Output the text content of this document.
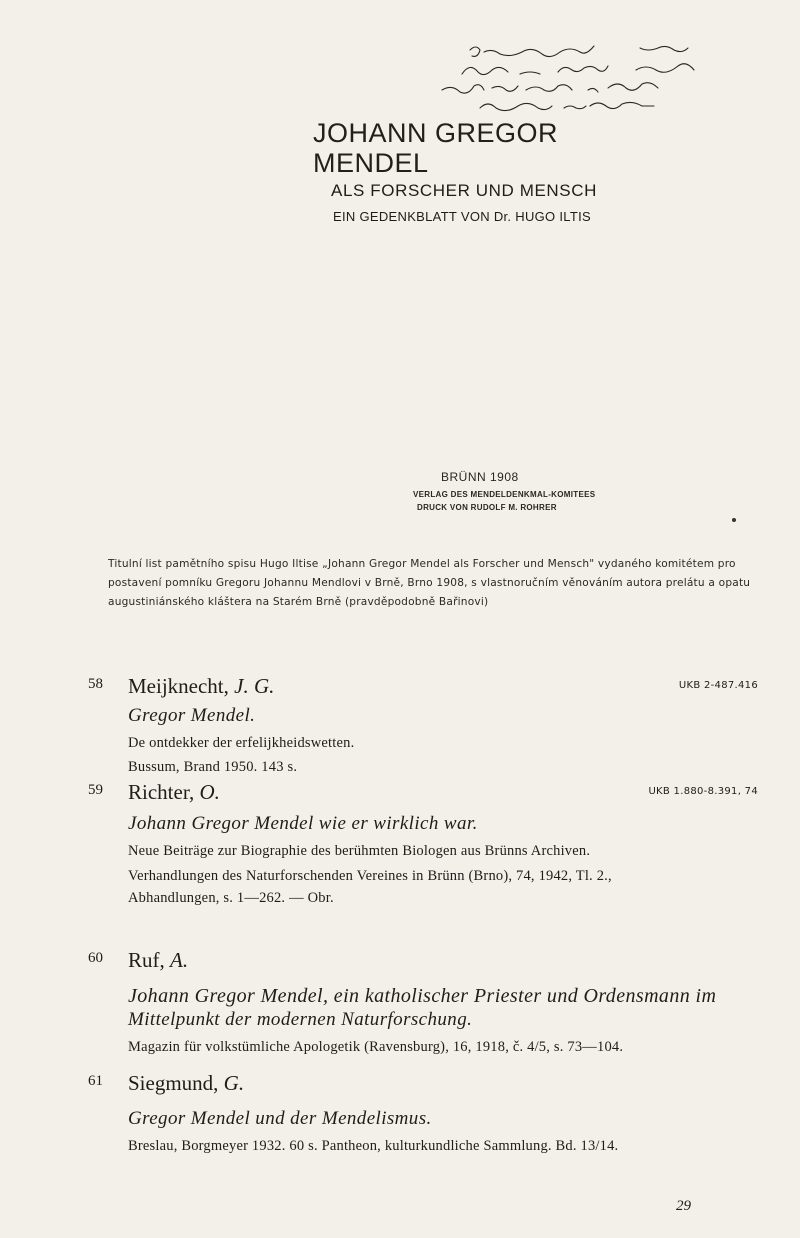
JOHANN GREGOR MENDEL
ALS FORSCHER UND MENSCH
EIN GEDENKBLATT VON Dr. HUGO ILTIS
BRÜNN 1908
VERLAG DES MENDELDENKMAL-KOMITEES
DRUCK VON RUDOLF M. ROHRER
Titulní list pamětního spisu Hugo Iltise „Johann Gregor Mendel als Forscher und Mensch" vydaného komitétem pro postavení pomníku Gregoru Johannu Mendlovi v Brně, Brno 1908, s vlastnoručním věnováním autora prelátu a opatu augustiniánského kláštera na Starém Brně (pravděpodobně Bařinovi)
58 Meijknecht, J. G.	UKB 2-487.416
Gregor Mendel.
De ontdekker der erfelijkheidswetten.
Bussum, Brand 1950. 143 s.
59 Richter, O.	UKB 1.880-8.391, 74
Johann Gregor Mendel wie er wirklich war.
Neue Beiträge zur Biographie des berühmten Biologen aus Brünns Archiven.
Verhandlungen des Naturforschenden Vereines in Brünn (Brno), 74, 1942, Tl. 2.,
Abhandlungen, s. 1—262. — Obr.
60 Ruf, A.
Johann Gregor Mendel, ein katholischer Priester und Ordensmann im
Mittelpunkt der modernen Naturforschung.
Magazin für volkstümliche Apologetik (Ravensburg), 16, 1918, č. 4/5, s. 73—104.
61 Siegmund, G.
Gregor Mendel und der Mendelismus.
Breslau, Borgmeyer 1932. 60 s. Pantheon, kulturkundliche Sammlung. Bd. 13/14.
29
